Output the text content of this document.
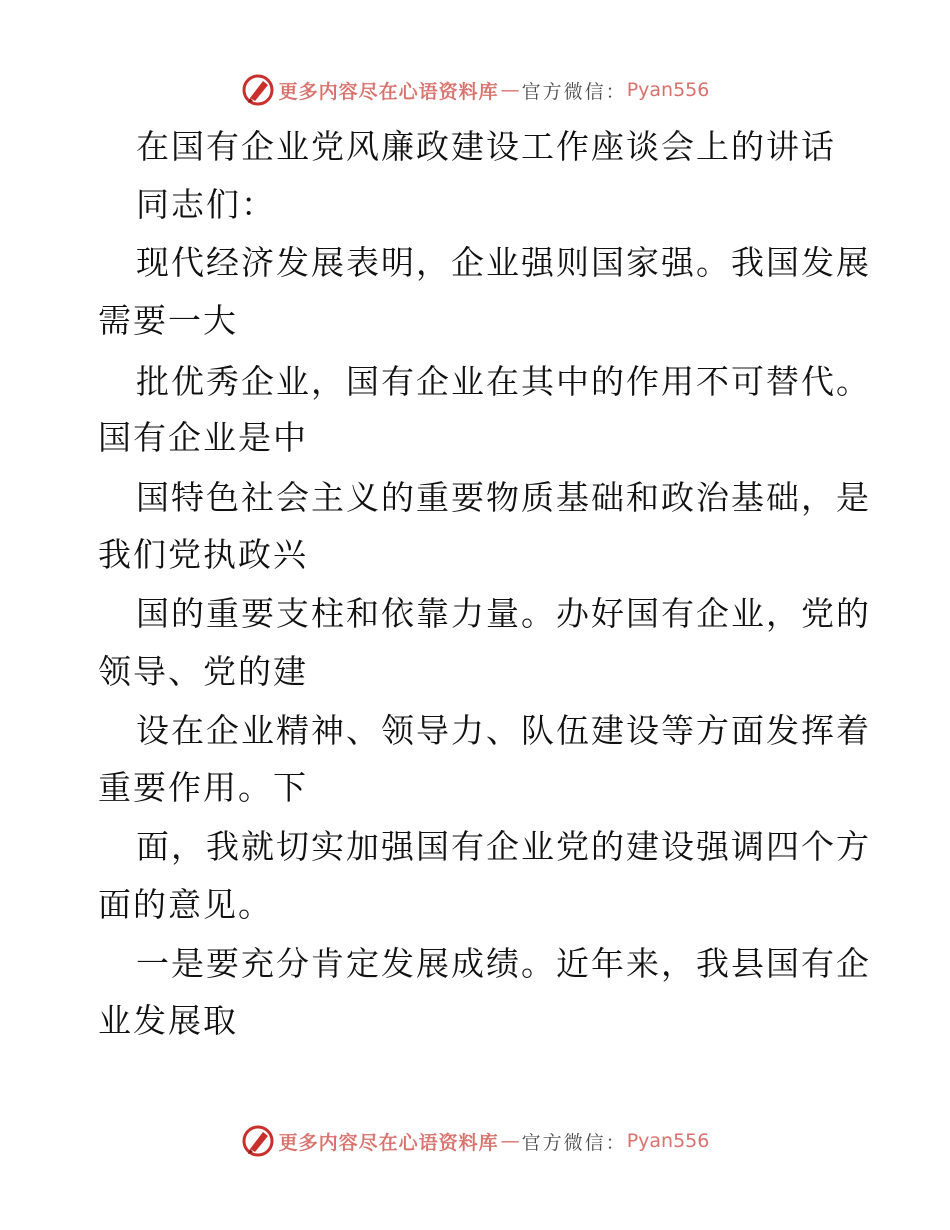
更多内容尽在心语资料库 — 官方微信： Pyan556
在国有企业党风廉政建设工作座谈会上的讲话
同志们：
现代经济发展表明，企业强则国家强。我国发展
需要一大
批优秀企业，国有企业在其中的作用不可替代。
国有企业是中
国特色社会主义的重要物质基础和政治基础，是
我们党执政兴
国的重要支柱和依靠力量。办好国有企业，党的
领导、党的建
设在企业精神、领导力、队伍建设等方面发挥着
重要作用。下
面，我就切实加强国有企业党的建设强调四个方
面的意见。
一是要充分肯定发展成绩。近年来，我县国有企
业发展取
更多内容尽在心语资料库 — 官方微信： Pyan556
